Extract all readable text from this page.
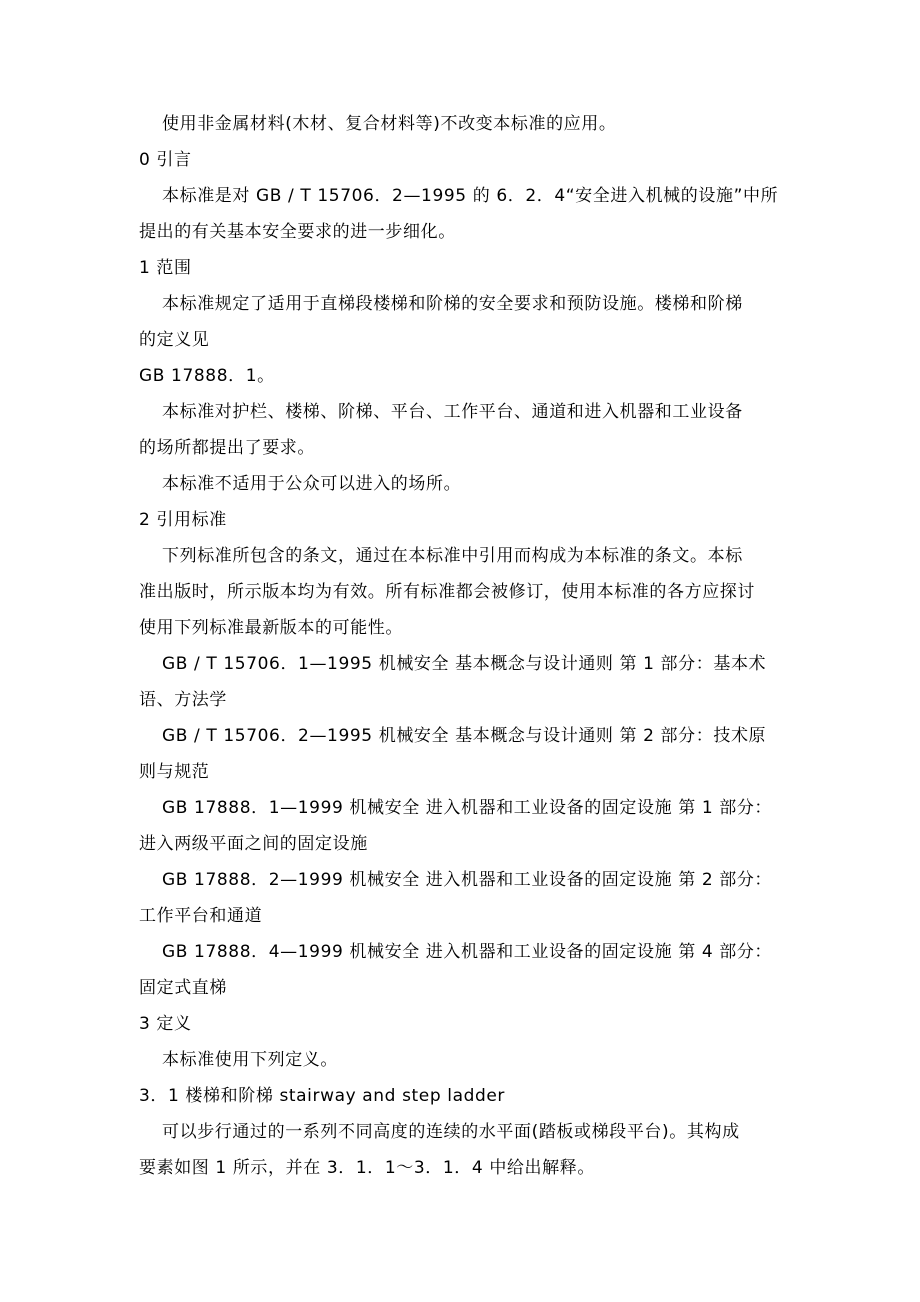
使用非金属材料(木材、复合材料等)不改变本标准的应用。

0 引言

本标准是对 GB / T 15706．2—1995 的 6．2．4“安全进入机械的设施”中所

提出的有关基本安全要求的进一步细化。

1 范围

本标准规定了适用于直梯段楼梯和阶梯的安全要求和预防设施。楼梯和阶梯

的定义见

GB 17888．1。

本标准对护栏、楼梯、阶梯、平台、工作平台、通道和进入机器和工业设备

的场所都提出了要求。

本标准不适用于公众可以进入的场所。

2 引用标准

下列标准所包含的条文，通过在本标准中引用而构成为本标准的条文。本标

准出版时，所示版本均为有效。所有标准都会被修订，使用本标准的各方应探讨

使用下列标准最新版本的可能性。

GB / T 15706．1—1995 机械安全 基本概念与设计通则 第 1 部分：基本术

语、方法学

GB / T 15706．2—1995 机械安全 基本概念与设计通则 第 2 部分：技术原

则与规范

GB 17888．1—1999 机械安全 进入机器和工业设备的固定设施 第 1 部分：

进入两级平面之间的固定设施

GB 17888．2—1999 机械安全 进入机器和工业设备的固定设施 第 2 部分：

工作平台和通道

GB 17888．4—1999 机械安全 进入机器和工业设备的固定设施 第 4 部分：

固定式直梯

3 定义

本标准使用下列定义。

3．1 楼梯和阶梯 stairway and step ladder

可以步行通过的一系列不同高度的连续的水平面(踏板或梯段平台)。其构成

要素如图 1 所示，并在 3．1．1～3．1．4 中给出解释。
